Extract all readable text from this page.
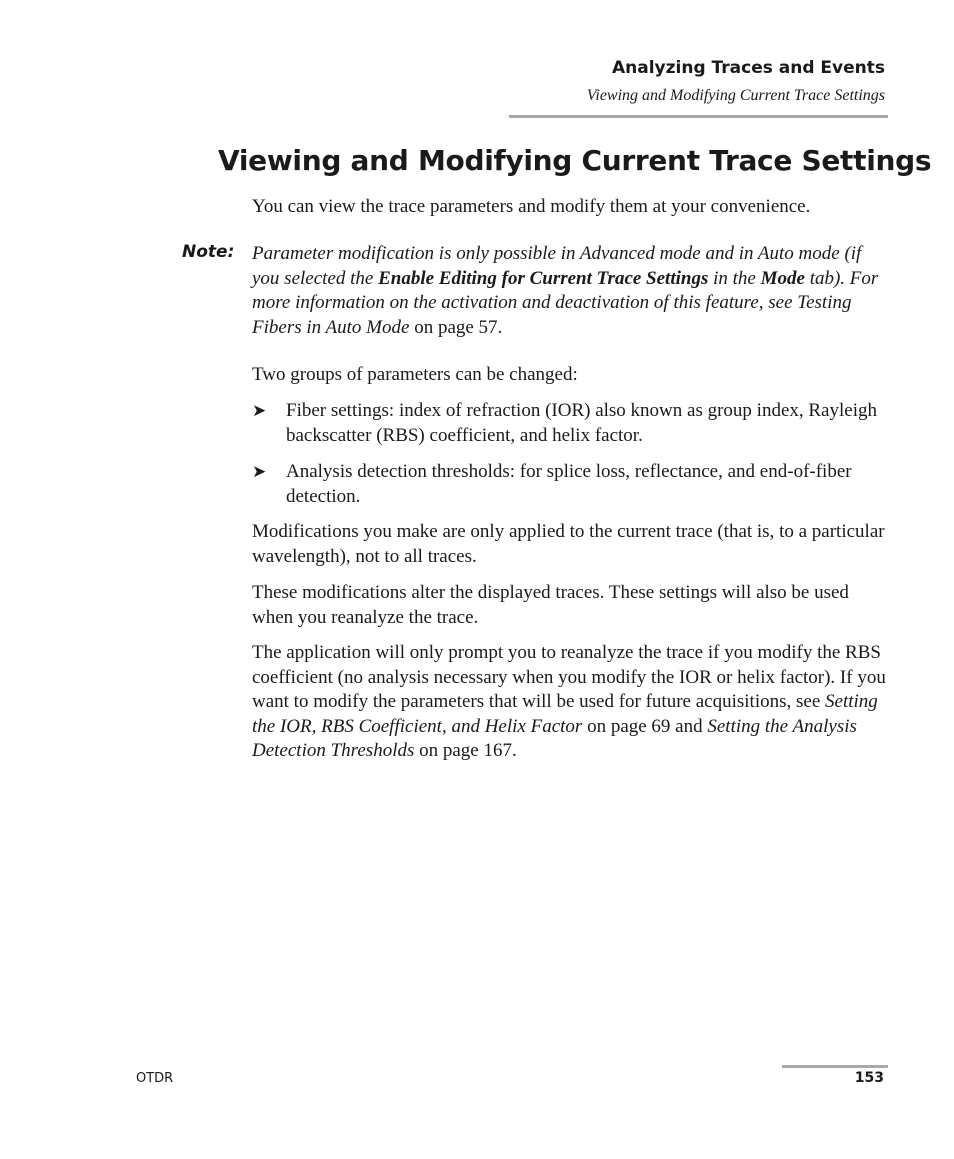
Analyzing Traces and Events
Viewing and Modifying Current Trace Settings
Viewing and Modifying Current Trace Settings
You can view the trace parameters and modify them at your convenience.
Note: Parameter modification is only possible in Advanced mode and in Auto mode (if you selected the Enable Editing for Current Trace Settings in the Mode tab). For more information on the activation and deactivation of this feature, see Testing Fibers in Auto Mode on page 57.
Two groups of parameters can be changed:
➤ Fiber settings: index of refraction (IOR) also known as group index, Rayleigh backscatter (RBS) coefficient, and helix factor.
➤ Analysis detection thresholds: for splice loss, reflectance, and end-of-fiber detection.
Modifications you make are only applied to the current trace (that is, to a particular wavelength), not to all traces.
These modifications alter the displayed traces. These settings will also be used when you reanalyze the trace.
The application will only prompt you to reanalyze the trace if you modify the RBS coefficient (no analysis necessary when you modify the IOR or helix factor). If you want to modify the parameters that will be used for future acquisitions, see Setting the IOR, RBS Coefficient, and Helix Factor on page 69 and Setting the Analysis Detection Thresholds on page 167.
OTDR	153
